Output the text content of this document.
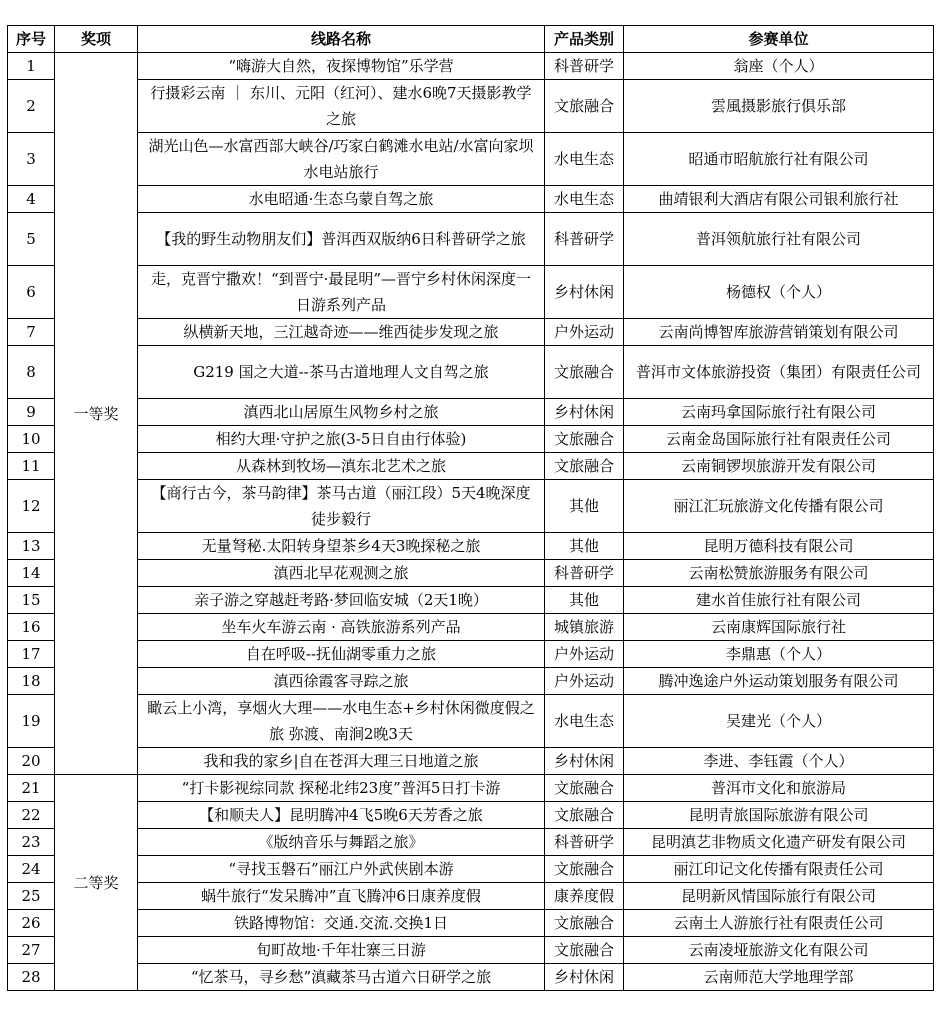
序号	奖项	线路名称	产品类别	参赛单位
1	一等奖	“嗨游大自然，夜探博物馆”乐学营	科普研学	翁座（个人）
2		行摄彩云南 ｜ 东川、元阳（红河）、建水6晚7天摄影教学之旅	文旅融合	雲風摄影旅行俱乐部
3		湖光山色—水富西部大峡谷/巧家白鹤滩水电站/水富向家坝水电站旅行	水电生态	昭通市昭航旅行社有限公司
4		水电昭通·生态乌蒙自驾之旅	水电生态	曲靖银利大酒店有限公司银利旅行社
5		【我的野生动物朋友们】普洱西双版纳6日科普研学之旅	科普研学	普洱领航旅行社有限公司
6		走，克晋宁撒欢！“到晋宁·最昆明”—晋宁乡村休闲深度一日游系列产品	乡村休闲	杨德权（个人）
7		纵横新天地，三江越奇迹——维西徒步发现之旅	户外运动	云南尚博智库旅游营销策划有限公司
8		G219 国之大道--茶马古道地理人文自驾之旅	文旅融合	普洱市文体旅游投资（集团）有限责任公司
9		滇西北山居原生风物乡村之旅	乡村休闲	云南玛拿国际旅行社有限公司
10		相约大理·守护之旅(3-5日自由行体验)	文旅融合	云南金岛国际旅行社有限责任公司
11		从森林到牧场—滇东北艺术之旅	文旅融合	云南铜锣坝旅游开发有限公司
12		【商行古今，茶马韵律】茶马古道（丽江段）5天4晚深度徒步毅行	其他	丽江汇玩旅游文化传播有限公司
13		无量弩秘.太阳转身望茶乡4天3晚探秘之旅	其他	昆明万德科技有限公司
14		滇西北早花观测之旅	科普研学	云南松赞旅游服务有限公司
15		亲子游之穿越赶考路·梦回临安城（2天1晚）	其他	建水首佳旅行社有限公司
16		坐车火车游云南 · 高铁旅游系列产品	城镇旅游	云南康辉国际旅行社
17		自在呼吸--抚仙湖零重力之旅	户外运动	李鼎惠（个人）
18		滇西徐霞客寻踪之旅	户外运动	腾冲逸途户外运动策划服务有限公司
19		瞰云上小湾，享烟火大理——水电生态+乡村休闲微度假之旅 弥渡、南涧2晚3天	水电生态	吴建光（个人）
20		我和我的家乡|自在苍洱大理三日地道之旅	乡村休闲	李进、李钰霞（个人）
21	二等奖	“打卡影视综同款 探秘北纬23度”普洱5日打卡游	文旅融合	普洱市文化和旅游局
22		【和顺夫人】昆明腾冲4飞5晚6天芳香之旅	文旅融合	昆明青旅国际旅游有限公司
23		《版纳音乐与舞蹈之旅》	科普研学	昆明滇艺非物质文化遗产研发有限公司
24		“寻找玉磐石”丽江户外武侠剧本游	文旅融合	丽江印记文化传播有限责任公司
25		蜗牛旅行“发呆腾冲”直飞腾冲6日康养度假	康养度假	昆明新风情国际旅行有限公司
26		铁路博物馆：交通.交流.交换1日	文旅融合	云南土人游旅行社有限责任公司
27		旬町故地·千年壮寨三日游	文旅融合	云南凌垭旅游文化有限公司
28		“忆茶马，寻乡愁”滇藏茶马古道六日研学之旅	乡村休闲	云南师范大学地理学部
